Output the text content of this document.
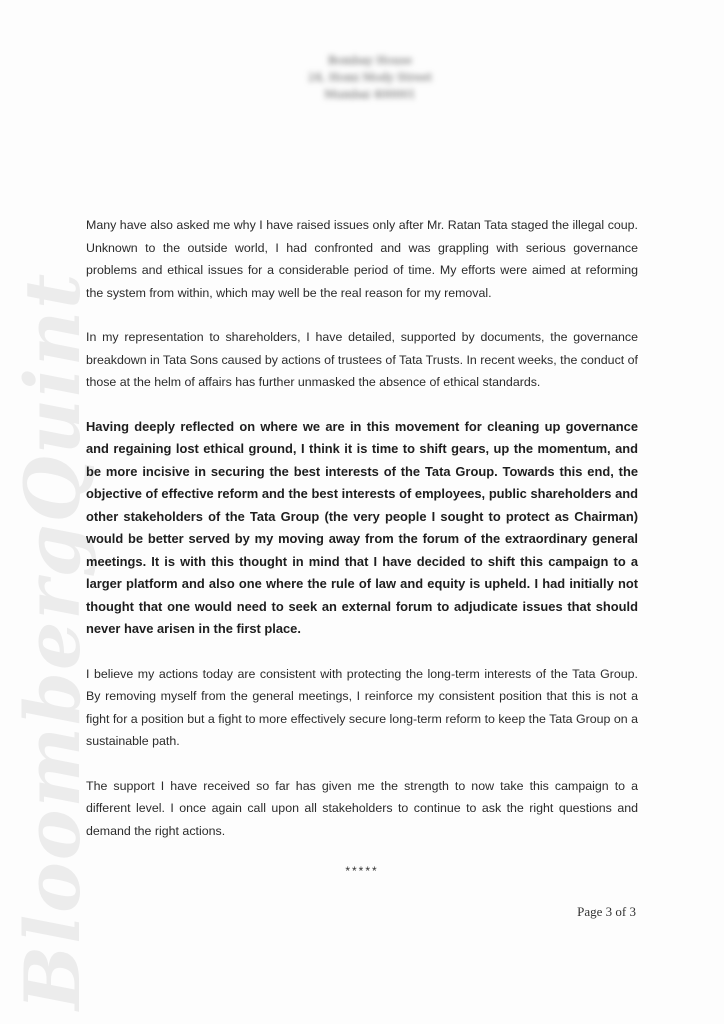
BloombergQuint
Bombay House
24, Homi Mody Street
Mumbai 400001

Many have also asked me why I have raised issues only after Mr. Ratan Tata staged the illegal coup. Unknown to the outside world, I had confronted and was grappling with serious governance problems and ethical issues for a considerable period of time. My efforts were aimed at reforming the system from within, which may well be the real reason for my removal.

In my representation to shareholders, I have detailed, supported by documents, the governance breakdown in Tata Sons caused by actions of trustees of Tata Trusts. In recent weeks, the conduct of those at the helm of affairs has further unmasked the absence of ethical standards.

Having deeply reflected on where we are in this movement for cleaning up governance and regaining lost ethical ground, I think it is time to shift gears, up the momentum, and be more incisive in securing the best interests of the Tata Group. Towards this end, the objective of effective reform and the best interests of employees, public shareholders and other stakeholders of the Tata Group (the very people I sought to protect as Chairman) would be better served by my moving away from the forum of the extraordinary general meetings. It is with this thought in mind that I have decided to shift this campaign to a larger platform and also one where the rule of law and equity is upheld. I had initially not thought that one would need to seek an external forum to adjudicate issues that should never have arisen in the first place.

I believe my actions today are consistent with protecting the long-term interests of the Tata Group. By removing myself from the general meetings, I reinforce my consistent position that this is not a fight for a position but a fight to more effectively secure long-term reform to keep the Tata Group on a sustainable path.

The support I have received so far has given me the strength to now take this campaign to a different level. I once again call upon all stakeholders to continue to ask the right questions and demand the right actions.

*****
Page 3 of 3
